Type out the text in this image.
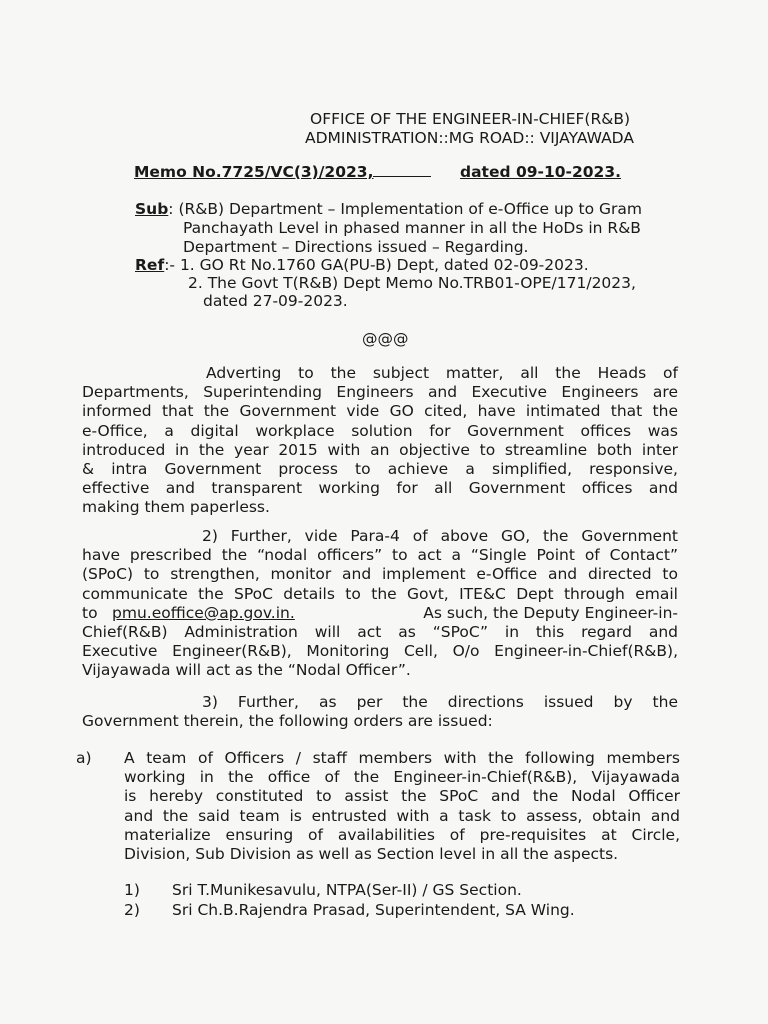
OFFICE OF THE ENGINEER-IN-CHIEF(R&B)
ADMINISTRATION::MG ROAD:: VIJAYAWADA
Memo No.7725/VC(3)/2023,	dated 09-10-2023.
Sub: (R&B) Department – Implementation of e-Office up to Gram
Panchayath Level in phased manner in all the HoDs in R&B
Department – Directions issued – Regarding.
Ref:- 1. GO Rt No.1760 GA(PU-B) Dept, dated 02-09-2023.
2. The Govt T(R&B) Dept Memo No.TRB01-OPE/171/2023,
dated 27-09-2023.
@@@
Adverting to the subject matter, all the Heads of
Departments, Superintending Engineers and Executive Engineers are
informed that the Government vide GO cited, have intimated that the
e-Office, a digital workplace solution for Government offices was
introduced in the year 2015 with an objective to streamline both inter
& intra Government process to achieve a simplified, responsive,
effective and transparent working for all Government offices and
making them paperless.
2) Further, vide Para-4 of above GO, the Government
have prescribed the “nodal officers” to act a “Single Point of Contact”
(SPoC) to strengthen, monitor and implement e-Office and directed to
communicate the SPoC details to the Govt, ITE&C Dept through email
to pmu.eoffice@ap.gov.in.	As such, the Deputy Engineer-in-
Chief(R&B) Administration will act as “SPoC” in this regard and
Executive Engineer(R&B), Monitoring Cell, O/o Engineer-in-Chief(R&B),
Vijayawada will act as the “Nodal Officer”.
3) Further, as per the directions issued by the
Government therein, the following orders are issued:
a) A team of Officers / staff members with the following members
working in the office of the Engineer-in-Chief(R&B), Vijayawada
is hereby constituted to assist the SPoC and the Nodal Officer
and the said team is entrusted with a task to assess, obtain and
materialize ensuring of availabilities of pre-requisites at Circle,
Division, Sub Division as well as Section level in all the aspects.
1) Sri T.Munikesavulu, NTPA(Ser-II) / GS Section.
2) Sri Ch.B.Rajendra Prasad, Superintendent, SA Wing.
